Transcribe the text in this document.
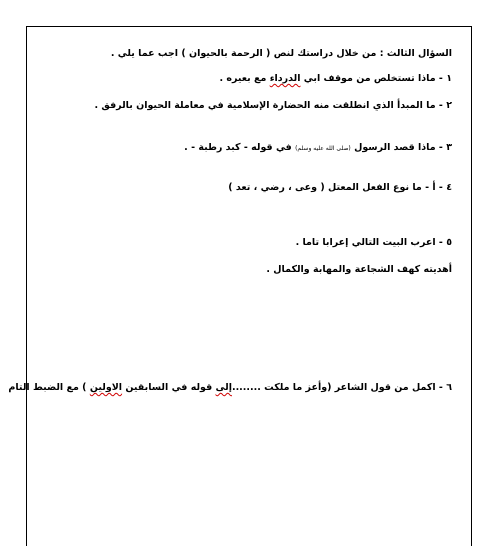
السؤال الثالث : من خلال دراستك لنص ( الرحمة بالحيوان ) اجب عما يلي .
١ - ماذا تستخلص من موقف ابي الدرداء مع بعيره .
٢ - ما المبدأ الذي انطلقت منه الحضارة الإسلامية في معاملة الحيوان بالرفق .
٣ - ماذا قصد الرسول (صلى الله عليه وسلم) في قوله - كبد رطبة - .
٤ - أ - ما نوع الفعل المعتل ( وعى ، رضي ، تعد )
٥ - اعرب البيت التالي إعرابا تاما .
أهديته كهف الشجاعة والمهابة والكمال .
٦ - اكمل من قول الشاعر (وأعز ما ملكت ........إلى قوله في السابقين الاولين ) مع الضبط التام
